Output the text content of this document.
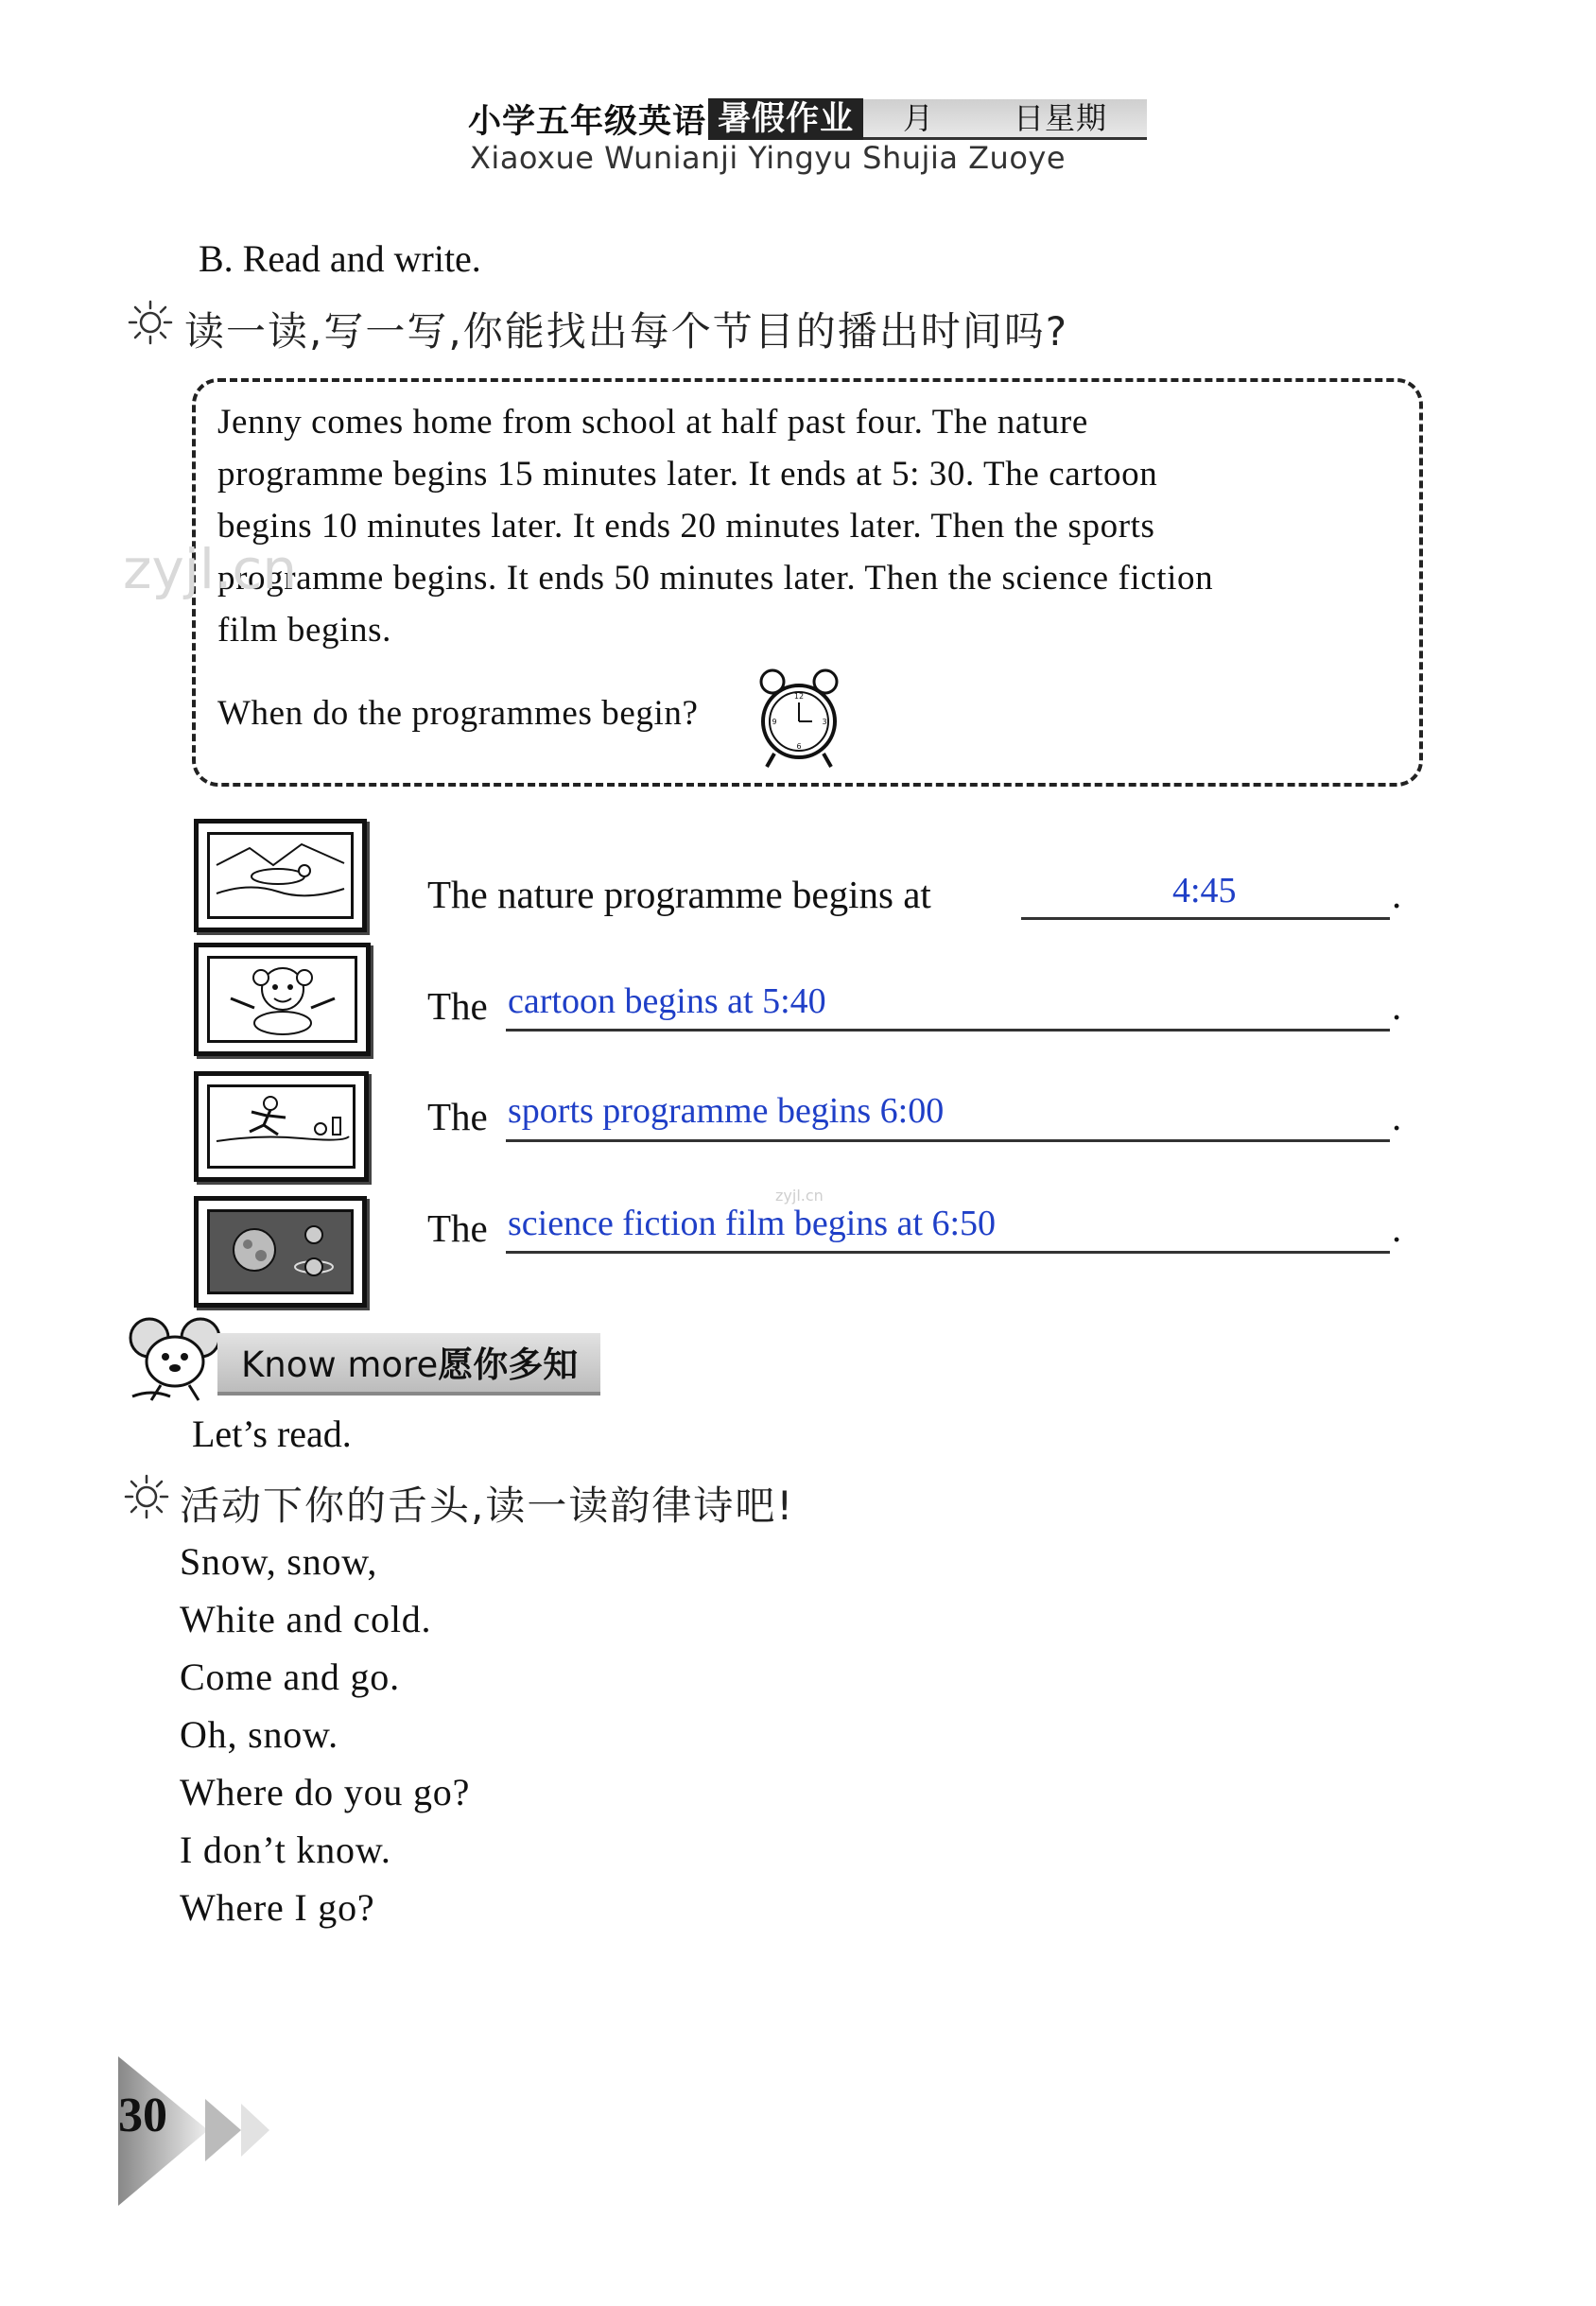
小学五年级英语 暑假作业	月	日星期
Xiaoxue Wunianji Yingyu Shujia Zuoye
B. Read and write.
读一读,写一写,你能找出每个节目的播出时间吗?
Jenny comes home from school at half past four. The nature
programme begins 15 minutes later. It ends at 5: 30. The cartoon
begins 10 minutes later. It ends 20 minutes later. Then the sports
programme begins. It ends 50 minutes later. Then the science fiction
film begins.
When do the programmes begin?	12
3
6
9
The nature programme begins at	4:45	.
The cartoon begins at 5:40	.
The sports programme begins 6:00	.
The science fiction film begins at 6:50	.
Know more愿你多知
Let’s read.
活动下你的舌头,读一读韵律诗吧!
Snow, snow,
White and cold.
Come and go.
Oh, snow.
Where do you go?
I don’t know.
Where I go?
30
zyjl.cn
zyjl.cn
